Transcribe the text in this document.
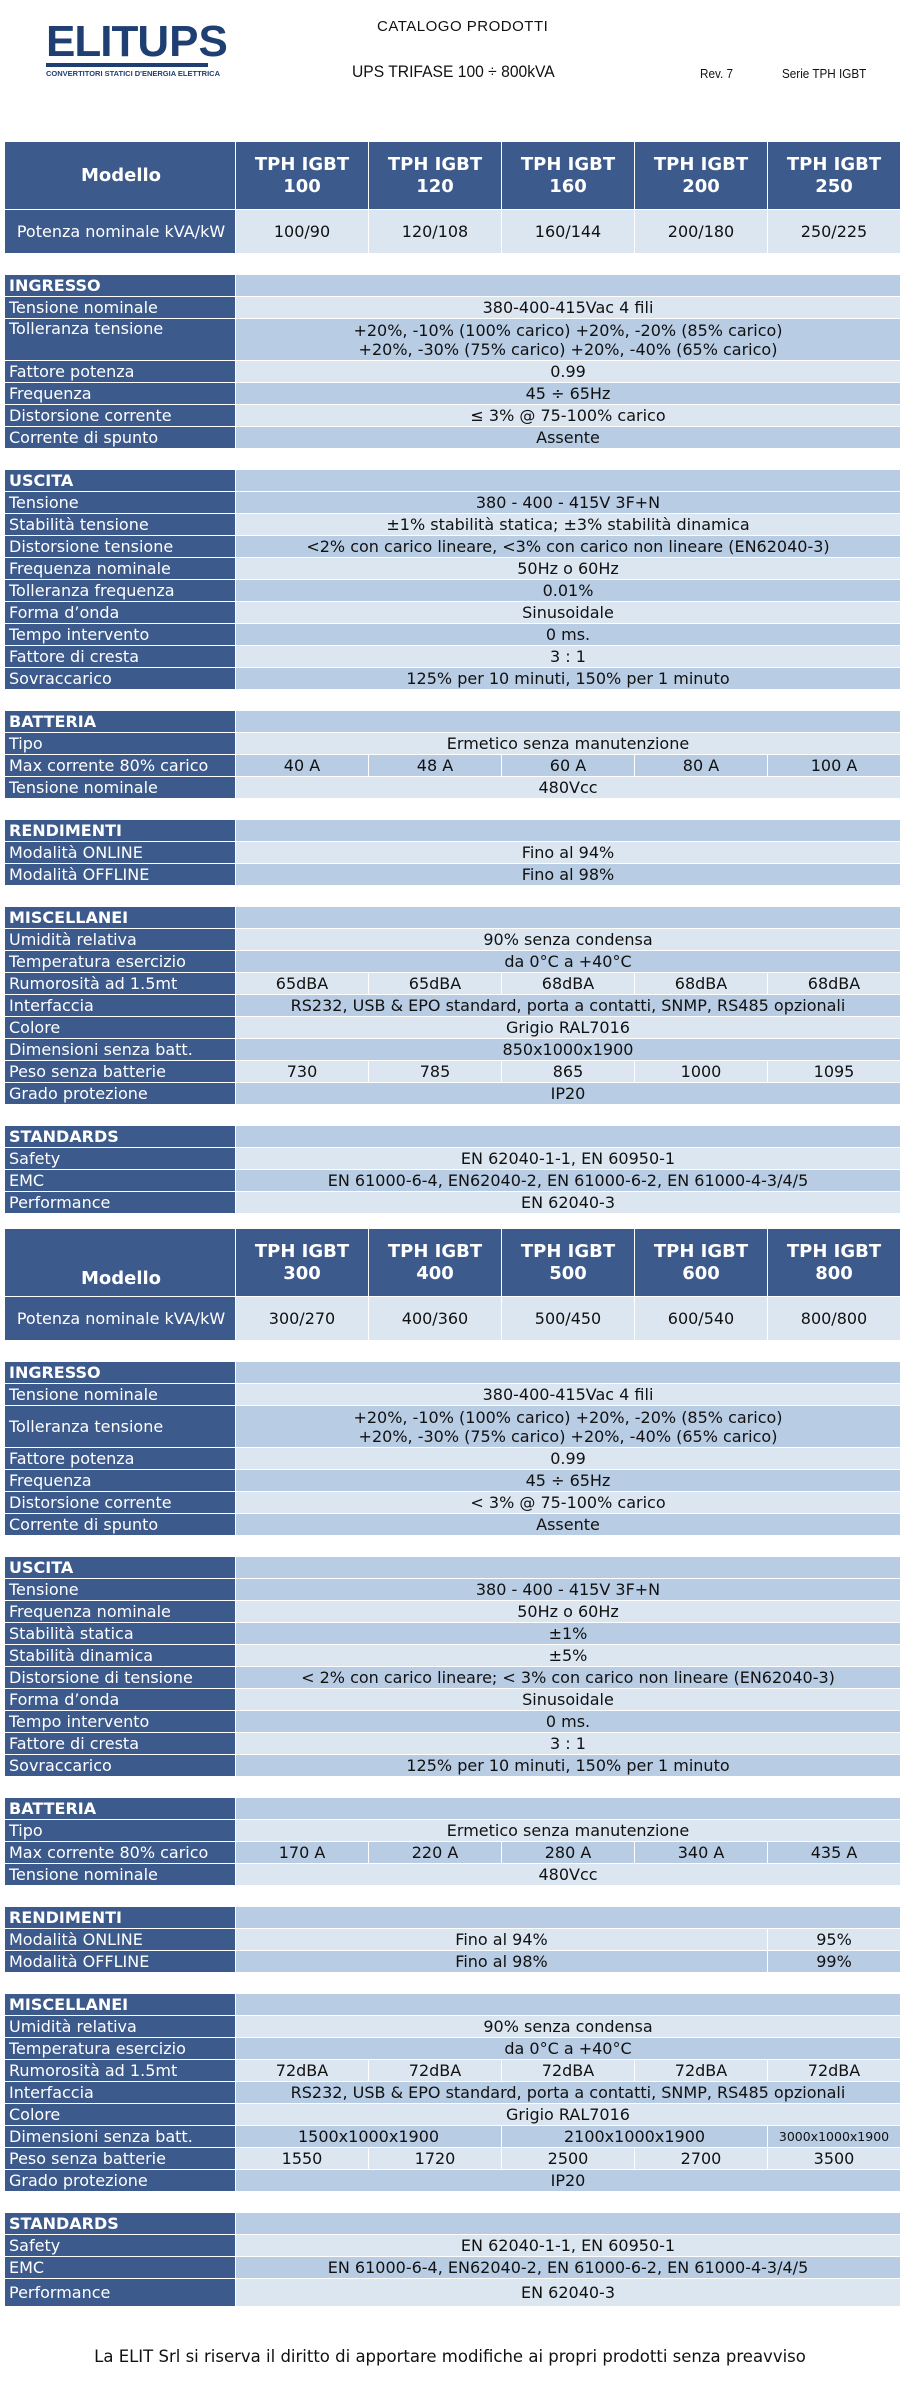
ELITUPS
CONVERTITORI STATICI D'ENERGIA ELETTRICA
CATALOGO PRODOTTI
UPS TRIFASE 100 ÷ 800kVA	Rev. 7	Serie TPH IGBT
Modello	TPH IGBT 100	TPH IGBT 120	TPH IGBT 160	TPH IGBT 200	TPH IGBT 250
Potenza nominale kVA/kW	100/90	120/108	160/144	200/180	250/225

INGRESSO					
Tensione nominale	380-400-415Vac 4 fili				
Tolleranza tensione	+20%, -10% (100% carico) +20%, -20% (85% carico)
+20%, -30% (75% carico) +20%, -40% (65% carico)				

Fattore potenza	0.99				
Frequenza	45 ÷ 65Hz				
Distorsione corrente	≤ 3% @ 75-100% carico				
Corrente di spunto	Assente				

USCITA					
Tensione	380 - 400 - 415V 3F+N				
Stabilità tensione	±1% stabilità statica; ±3% stabilità dinamica				
Distorsione tensione	<2% con carico lineare, <3% con carico non lineare (EN62040-3)				
Frequenza nominale	50Hz o 60Hz				
Tolleranza frequenza	0.01%				
Forma d’onda	Sinusoidale				
Tempo intervento	0 ms.				
Fattore di cresta	3 : 1				
Sovraccarico	125% per 10 minuti, 150% per 1 minuto				

BATTERIA					
Tipo	Ermetico senza manutenzione				
Max corrente 80% carico	40 A	48 A	60 A	80 A	100 A
Tensione nominale	480Vcc				

RENDIMENTI					
Modalità ONLINE	Fino al 94%				
Modalità OFFLINE	Fino al 98%				

MISCELLANEI					
Umidità relativa	90% senza condensa				
Temperatura esercizio	da 0°C a +40°C				
Rumorosità ad 1.5mt	65dBA	65dBA	68dBA	68dBA	68dBA
Interfaccia	RS232, USB & EPO standard, porta a contatti, SNMP, RS485 opzionali				
Colore	Grigio RAL7016				
Dimensioni senza batt.	850x1000x1900				
Peso senza batterie	730	785	865	1000	1095
Grado protezione	IP20				

STANDARDS					
Safety	EN 62040-1-1, EN 60950-1				
EMC	EN 61000-6-4, EN62040-2, EN 61000-6-2, EN 61000-4-3/4/5				
Performance	EN 62040-3				
Modello	TPH IGBT 300	TPH IGBT 400	TPH IGBT 500	TPH IGBT 600	TPH IGBT 800
Potenza nominale kVA/kW	300/270	400/360	500/450	600/540	800/800

INGRESSO					
Tensione nominale	380-400-415Vac 4 fili				
Tolleranza tensione	+20%, -10% (100% carico) +20%, -20% (85% carico)
+20%, -30% (75% carico) +20%, -40% (65% carico)				

Fattore potenza	0.99				
Frequenza	45 ÷ 65Hz				
Distorsione corrente	< 3% @ 75-100% carico				
Corrente di spunto	Assente				

USCITA					
Tensione	380 - 400 - 415V 3F+N				
Frequenza nominale	50Hz o 60Hz				
Stabilità statica	±1%				
Stabilità dinamica	±5%				
Distorsione di tensione	< 2% con carico lineare; < 3% con carico non lineare (EN62040-3)				
Forma d’onda	Sinusoidale				
Tempo intervento	0 ms.				
Fattore di cresta	3 : 1				
Sovraccarico	125% per 10 minuti, 150% per 1 minuto				

BATTERIA					
Tipo	Ermetico senza manutenzione				
Max corrente 80% carico	170 A	220 A	280 A	340 A	435 A
Tensione nominale	480Vcc				

RENDIMENTI					
Modalità ONLINE	Fino al 94%				95%
Modalità OFFLINE	Fino al 98%				99%

MISCELLANEI					
Umidità relativa	90% senza condensa				
Temperatura esercizio	da 0°C a +40°C				
Rumorosità ad 1.5mt	72dBA	72dBA	72dBA	72dBA	72dBA
Interfaccia	RS232, USB & EPO standard, porta a contatti, SNMP, RS485 opzionali				
Colore	Grigio RAL7016				
Dimensioni senza batt.	1500x1000x1900		2100x1000x1900		3000x1000x1900
Peso senza batterie	1550	1720	2500	2700	3500
Grado protezione	IP20				

STANDARDS					
Safety	EN 62040-1-1, EN 60950-1				
EMC	EN 61000-6-4, EN62040-2, EN 61000-6-2, EN 61000-4-3/4/5				
Performance	EN 62040-3				
La ELIT Srl si riserva il diritto di apportare modifiche ai propri prodotti senza preavviso
